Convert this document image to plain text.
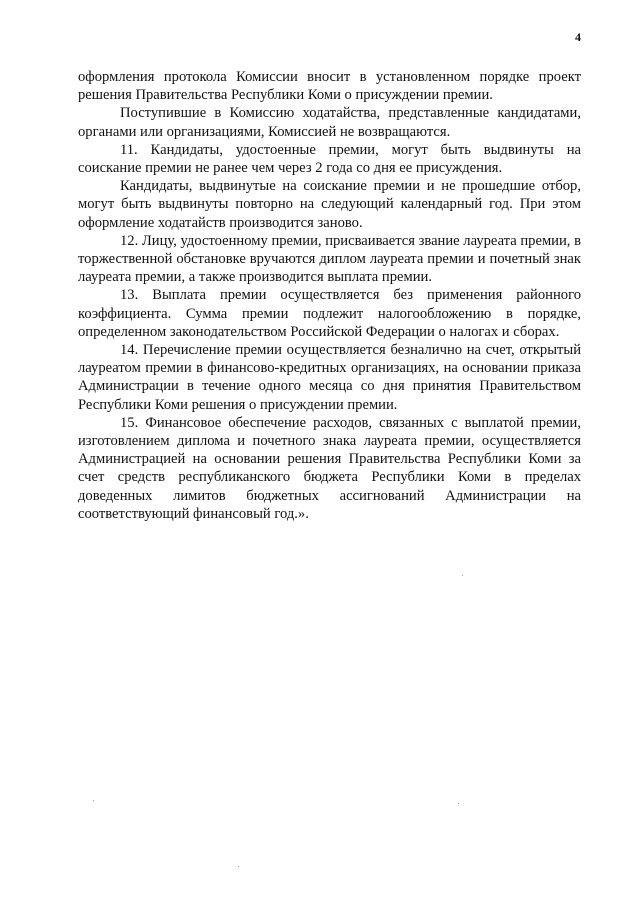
4

оформления протокола Комиссии вносит в установленном порядке проект решения Правительства Республики Коми о присуждении премии.

Поступившие в Комиссию ходатайства, представленные кандидатами, органами или организациями, Комиссией не возвращаются.

11. Кандидаты, удостоенные премии, могут быть выдвинуты на соискание премии не ранее чем через 2 года со дня ее присуждения.

Кандидаты, выдвинутые на соискание премии и не прошедшие отбор, могут быть выдвинуты повторно на следующий календарный год. При этом оформление ходатайств производится заново.

12. Лицу, удостоенному премии, присваивается звание лауреата премии, в торжественной обстановке вручаются диплом лауреата премии и почетный знак лауреата премии, а также производится выплата премии.

13. Выплата премии осуществляется без применения районного коэффициента. Сумма премии подлежит налогообложению в порядке, определенном законодательством Российской Федерации о налогах и сборах.

14. Перечисление премии осуществляется безналично на счет, открытый лауреатом премии в финансово-кредитных организациях, на основании приказа Администрации в течение одного месяца со дня принятия Правительством Республики Коми решения о присуждении премии.

15. Финансовое обеспечение расходов, связанных с выплатой премии, изготовлением диплома и почетного знака лауреата премии, осуществляется Администрацией на основании решения Правительства Республики Коми за счет средств республиканского бюджета Республики Коми в пределах доведенных лимитов бюджетных ассигнований Администрации на соответствующий финансовый год.».
